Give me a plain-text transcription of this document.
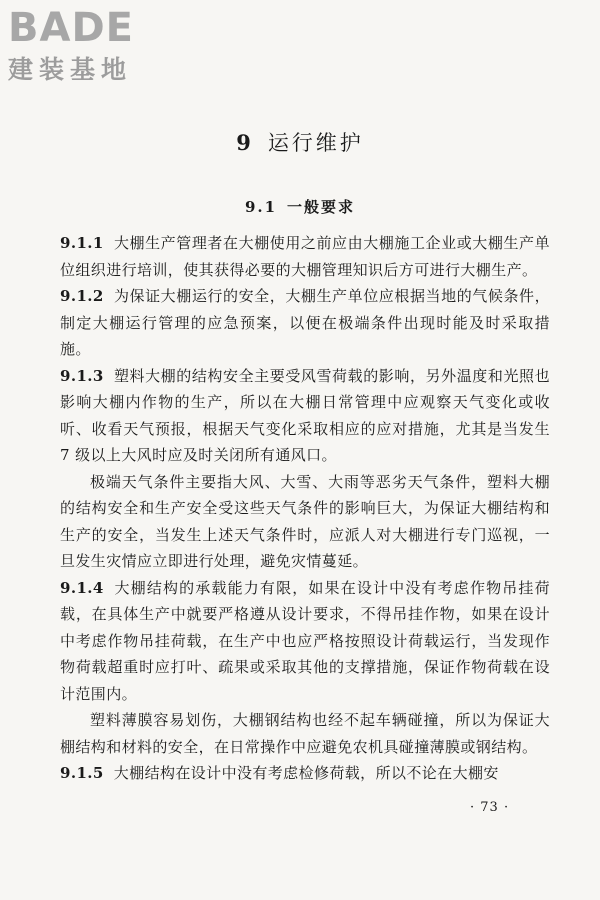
BADE
建装基地
9 运行维护
9.1 一般要求

9.1.1 大棚生产管理者在大棚使用之前应由大棚施工企业或大棚生产单位组织进行培训，使其获得必要的大棚管理知识后方可进行大棚生产。

9.1.2 为保证大棚运行的安全，大棚生产单位应根据当地的气候条件，制定大棚运行管理的应急预案，以便在极端条件出现时能及时采取措施。

9.1.3 塑料大棚的结构安全主要受风雪荷载的影响，另外温度和光照也影响大棚内作物的生产，所以在大棚日常管理中应观察天气变化或收听、收看天气预报，根据天气变化采取相应的应对措施，尤其是当发生 7 级以上大风时应及时关闭所有通风口。

极端天气条件主要指大风、大雪、大雨等恶劣天气条件，塑料大棚的结构安全和生产安全受这些天气条件的影响巨大，为保证大棚结构和生产的安全，当发生上述天气条件时，应派人对大棚进行专门巡视，一旦发生灾情应立即进行处理，避免灾情蔓延。

9.1.4 大棚结构的承载能力有限，如果在设计中没有考虑作物吊挂荷载，在具体生产中就要严格遵从设计要求，不得吊挂作物，如果在设计中考虑作物吊挂荷载，在生产中也应严格按照设计荷载运行，当发现作物荷载超重时应打叶、疏果或采取其他的支撑措施，保证作物荷载在设计范围内。

塑料薄膜容易划伤，大棚钢结构也经不起车辆碰撞，所以为保证大棚结构和材料的安全，在日常操作中应避免农机具碰撞薄膜或钢结构。

9.1.5 大棚结构在设计中没有考虑检修荷载，所以不论在大棚安

· 73 ·
